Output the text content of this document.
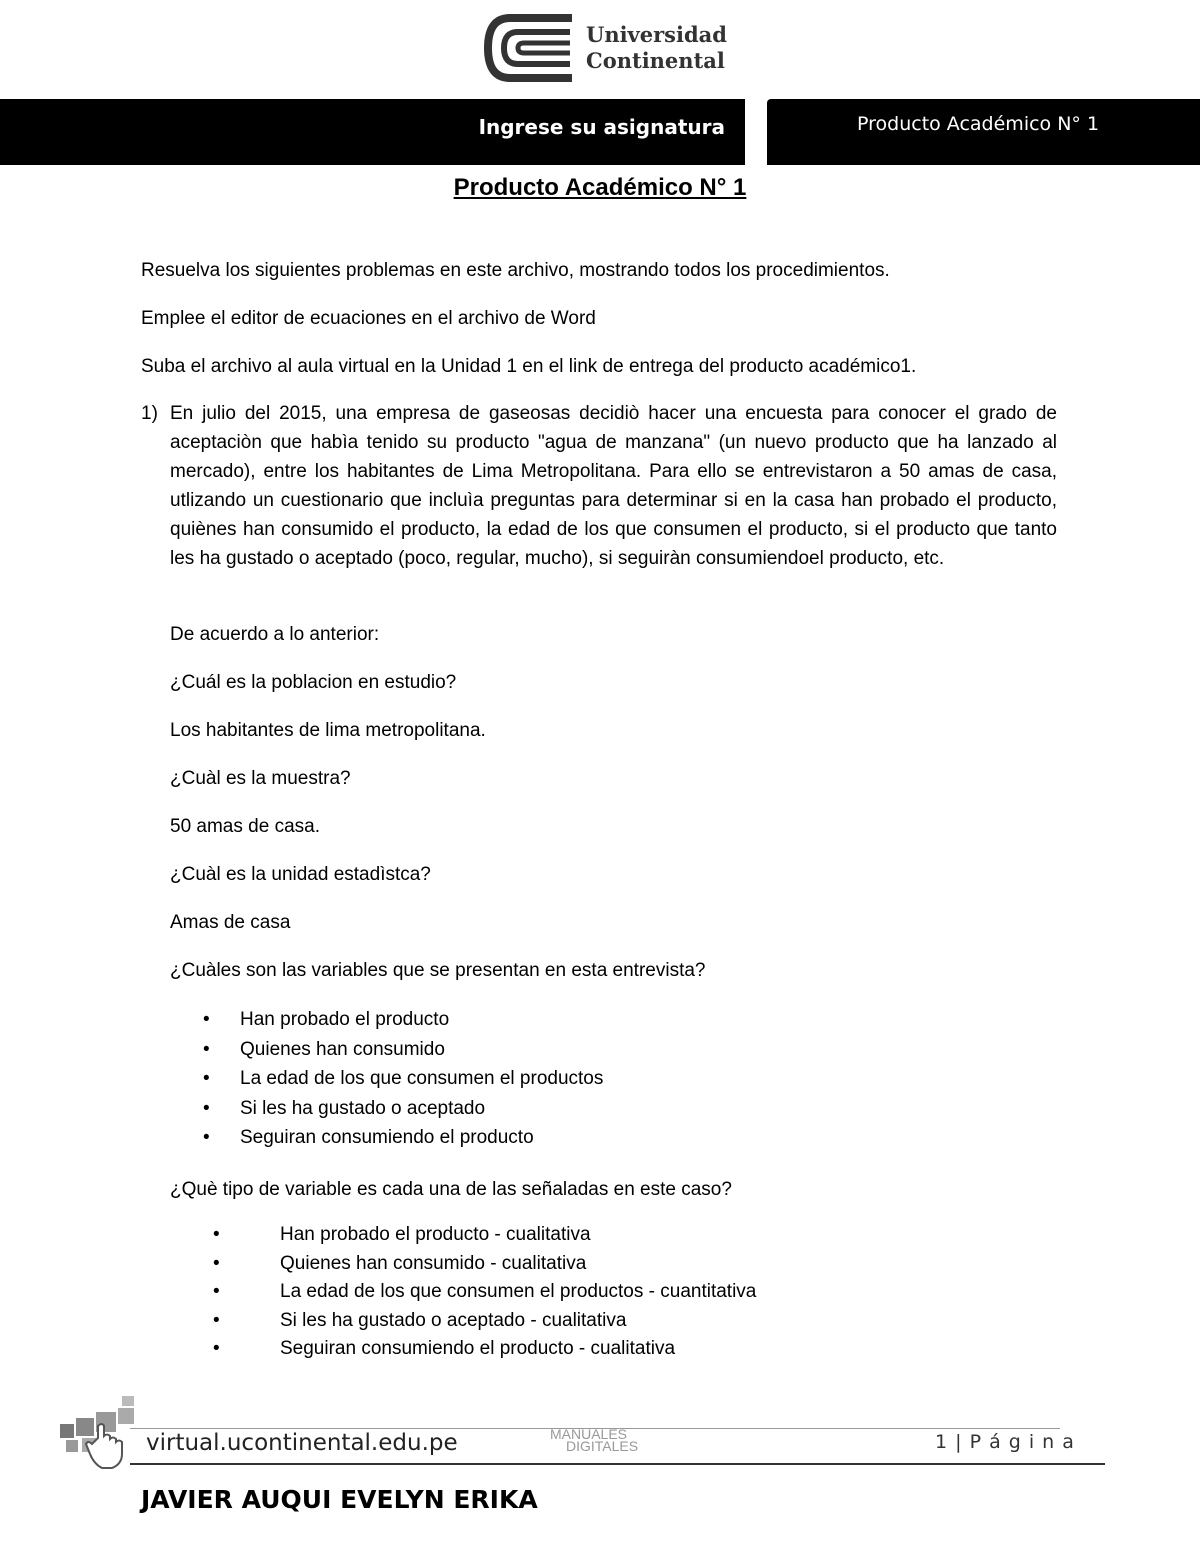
Universidad
Continental
Ingrese su asignatura	Producto Académico N° 1
Producto Académico N° 1
Resuelva los siguientes problemas en este archivo, mostrando todos los procedimientos.
Emplee el editor de ecuaciones en el archivo de Word
Suba el archivo al aula virtual en la Unidad 1 en el link de entrega del producto académico1.
1) En julio del 2015, una empresa de gaseosas decidiò hacer una encuesta para conocer el grado de aceptaciòn que habìa tenido su producto "agua de manzana" (un nuevo producto que ha lanzado al mercado), entre los habitantes de Lima Metropolitana. Para ello se entrevistaron a 50 amas de casa, utlizando un cuestionario que incluìa preguntas para determinar si en la casa han probado el producto, quiènes han consumido el producto, la edad de los que consumen el producto, si el producto que tanto les ha gustado o aceptado (poco, regular, mucho), si seguiràn consumiendoel producto, etc.
De acuerdo a lo anterior:
¿Cuál es la poblacion en estudio?
Los habitantes de lima metropolitana.
¿Cuàl es la muestra?
50 amas de casa.
¿Cuàl es la unidad estadìstca?
Amas de casa
¿Cuàles son las variables que se presentan en esta entrevista?
• Han probado el producto
• Quienes han consumido
• La edad de los que consumen el productos
• Si les ha gustado o aceptado
• Seguiran consumiendo el producto
¿Què tipo de variable es cada una de las señaladas en este caso?
•	Han probado el producto - cualitativa
•	Quienes han consumido - cualitativa
•	La edad de los que consumen el productos - cuantitativa
•	Si les ha gustado o aceptado - cualitativa
•	Seguiran consumiendo el producto - cualitativa
virtual.ucontinental.edu.pe	MANUALES
DIGITALES	1 | P á g i n a
JAVIER AUQUI EVELYN ERIKA
